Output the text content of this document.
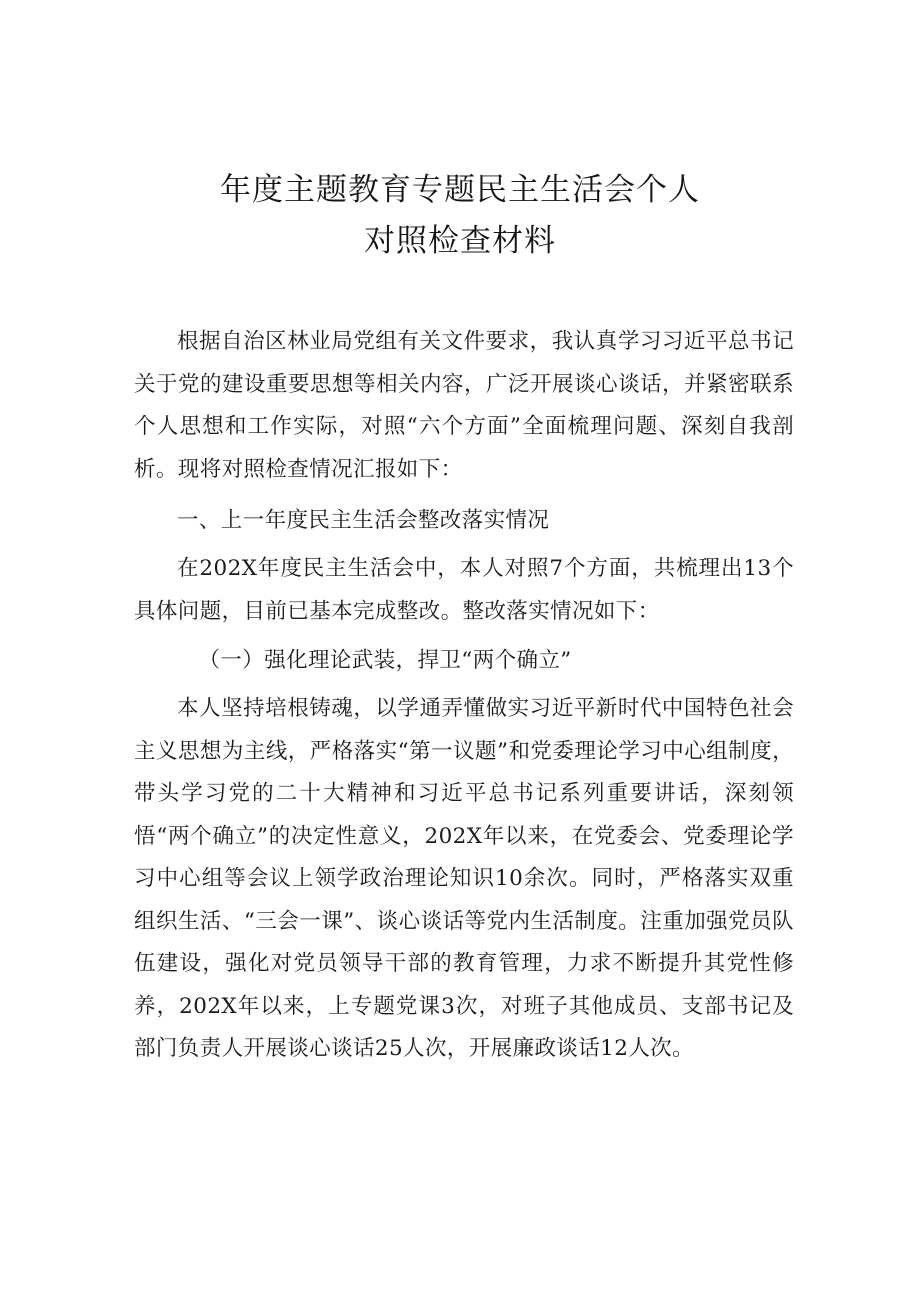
年度主题教育专题民主生活会个人
对照检查材料

根据自治区林业局党组有关文件要求，我认真学习习近平总书记关于党的建设重要思想等相关内容，广泛开展谈心谈话，并紧密联系个人思想和工作实际，对照“六个方面”全面梳理问题、深刻自我剖析。现将对照检查情况汇报如下：

一、上一年度民主生活会整改落实情况

在202X年度民主生活会中，本人对照7个方面，共梳理出13个具体问题，目前已基本完成整改。整改落实情况如下：

（一）强化理论武装，捍卫“两个确立”

本人坚持培根铸魂，以学通弄懂做实习近平新时代中国特色社会主义思想为主线，严格落实“第一议题”和党委理论学习中心组制度，带头学习党的二十大精神和习近平总书记系列重要讲话，深刻领悟“两个确立”的决定性意义，202X年以来，在党委会、党委理论学习中心组等会议上领学政治理论知识10余次。同时，严格落实双重组织生活、“三会一课”、谈心谈话等党内生活制度。注重加强党员队伍建设，强化对党员领导干部的教育管理，力求不断提升其党性修养，202X年以来，上专题党课3次，对班子其他成员、支部书记及部门负责人开展谈心谈话25人次，开展廉政谈话12人次。
